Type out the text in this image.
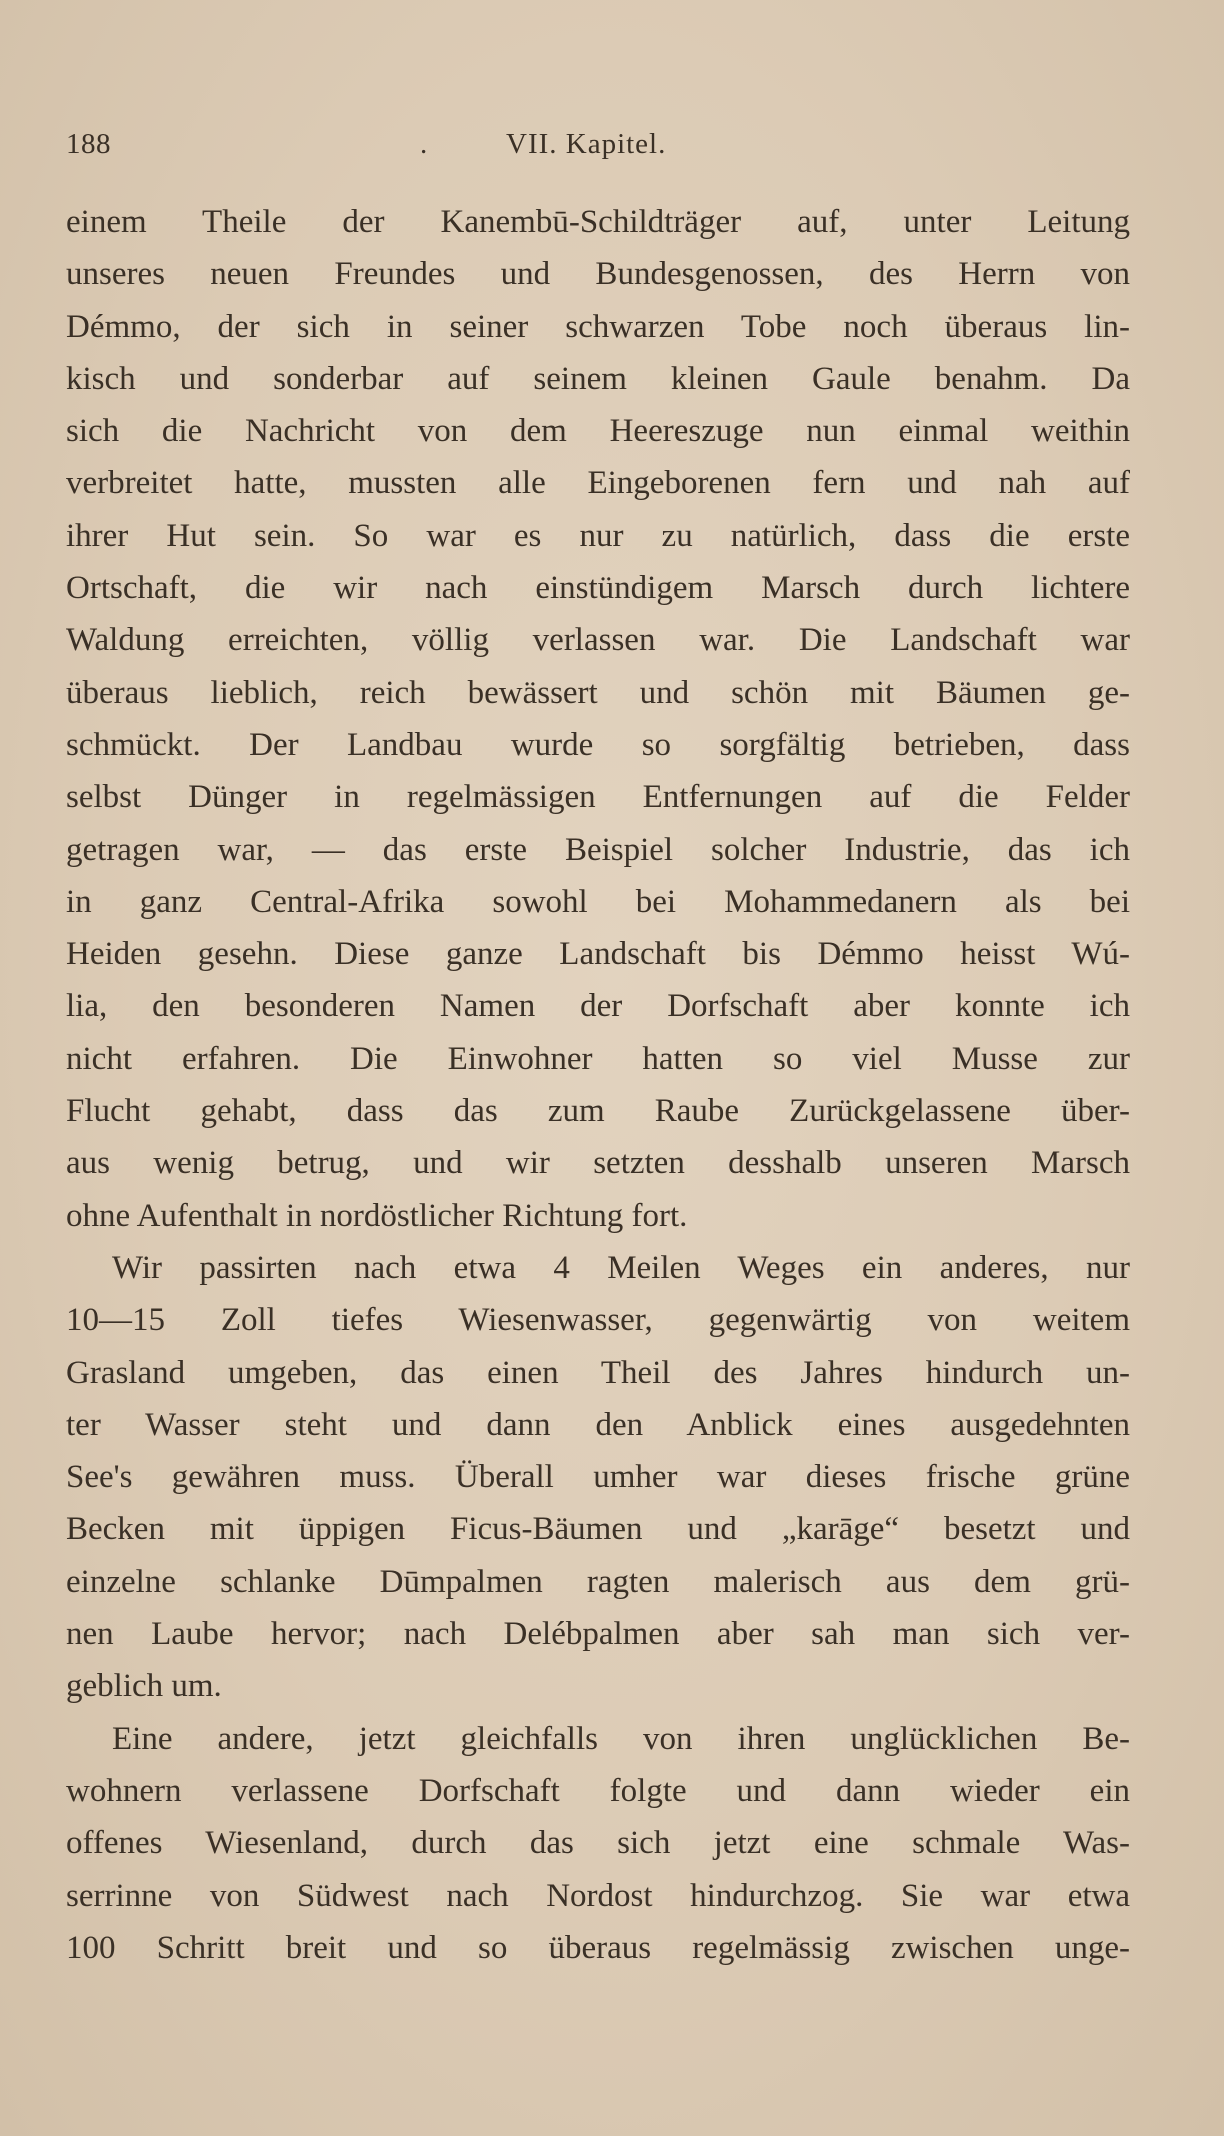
188	.	VII. Kapitel.
einem Theile der Kanembū-Schildträger auf, unter Leitung
unseres neuen Freundes und Bundesgenossen, des Herrn von
Démmo, der sich in seiner schwarzen Tobe noch überaus lin-
kisch und sonderbar auf seinem kleinen Gaule benahm. Da
sich die Nachricht von dem Heereszuge nun einmal weithin
verbreitet hatte, mussten alle Eingeborenen fern und nah auf
ihrer Hut sein. So war es nur zu natürlich, dass die erste
Ortschaft, die wir nach einstündigem Marsch durch lichtere
Waldung erreichten, völlig verlassen war. Die Landschaft war
überaus lieblich, reich bewässert und schön mit Bäumen ge-
schmückt. Der Landbau wurde so sorgfältig betrieben, dass
selbst Dünger in regelmässigen Entfernungen auf die Felder
getragen war, — das erste Beispiel solcher Industrie, das ich
in ganz Central-Afrika sowohl bei Mohammedanern als bei
Heiden gesehn. Diese ganze Landschaft bis Démmo heisst Wú-
lia, den besonderen Namen der Dorfschaft aber konnte ich
nicht erfahren. Die Einwohner hatten so viel Musse zur
Flucht gehabt, dass das zum Raube Zurückgelassene über-
aus wenig betrug, und wir setzten desshalb unseren Marsch
ohne Aufenthalt in nordöstlicher Richtung fort.
Wir passirten nach etwa 4 Meilen Weges ein anderes, nur
10—15 Zoll tiefes Wiesenwasser, gegenwärtig von weitem
Grasland umgeben, das einen Theil des Jahres hindurch un-
ter Wasser steht und dann den Anblick eines ausgedehnten
See's gewähren muss. Überall umher war dieses frische grüne
Becken mit üppigen Ficus-Bäumen und „karāge“ besetzt und
einzelne schlanke Dūmpalmen ragten malerisch aus dem grü-
nen Laube hervor; nach Delébpalmen aber sah man sich ver-
geblich um.
Eine andere, jetzt gleichfalls von ihren unglücklichen Be-
wohnern verlassene Dorfschaft folgte und dann wieder ein
offenes Wiesenland, durch das sich jetzt eine schmale Was-
serrinne von Südwest nach Nordost hindurchzog. Sie war etwa
100 Schritt breit und so überaus regelmässig zwischen unge-
